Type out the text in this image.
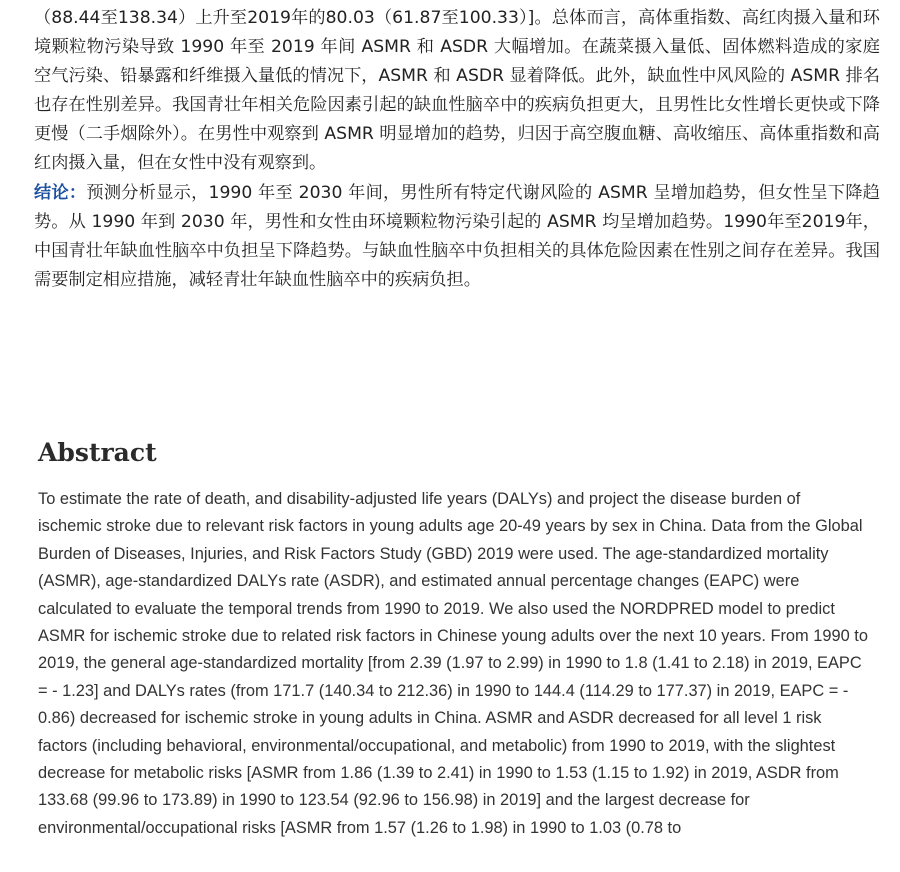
（88.44至138.34）上升至2019年的80.03（61.87至100.33）]。总体而言，高体重指数、高红肉摄入量和环境颗粒物污染导致 1990 年至 2019 年间 ASMR 和 ASDR 大幅增加。在蔬菜摄入量低、固体燃料造成的家庭空气污染、铅暴露和纤维摄入量低的情况下，ASMR 和 ASDR 显着降低。此外，缺血性中风风险的 ASMR 排名也存在性别差异。我国青壮年相关危险因素引起的缺血性脑卒中的疾病负担更大，且男性比女性增长更快或下降更慢（二手烟除外）。在男性中观察到 ASMR 明显增加的趋势，归因于高空腹血糖、高收缩压、高体重指数和高红肉摄入量，但在女性中没有观察到。

结论：预测分析显示，1990 年至 2030 年间，男性所有特定代谢风险的 ASMR 呈增加趋势，但女性呈下降趋势。从 1990 年到 2030 年，男性和女性由环境颗粒物污染引起的 ASMR 均呈增加趋势。1990年至2019年，中国青壮年缺血性脑卒中负担呈下降趋势。与缺血性脑卒中负担相关的具体危险因素在性别之间存在差异。我国需要制定相应措施，减轻青壮年缺血性脑卒中的疾病负担。

Abstract

To estimate the rate of death, and disability-adjusted life years (DALYs) and project the disease burden of ischemic stroke due to relevant risk factors in young adults age 20-49 years by sex in China. Data from the Global Burden of Diseases, Injuries, and Risk Factors Study (GBD) 2019 were used. The age-standardized mortality (ASMR), age-standardized DALYs rate (ASDR), and estimated annual percentage changes (EAPC) were calculated to evaluate the temporal trends from 1990 to 2019. We also used the NORDPRED model to predict ASMR for ischemic stroke due to related risk factors in Chinese young adults over the next 10 years. From 1990 to 2019, the general age-standardized mortality [from 2.39 (1.97 to 2.99) in 1990 to 1.8 (1.41 to 2.18) in 2019, EAPC = - 1.23] and DALYs rates (from 171.7 (140.34 to 212.36) in 1990 to 144.4 (114.29 to 177.37) in 2019, EAPC = - 0.86) decreased for ischemic stroke in young adults in China. ASMR and ASDR decreased for all level 1 risk factors (including behavioral, environmental/occupational, and metabolic) from 1990 to 2019, with the slightest decrease for metabolic risks [ASMR from 1.86 (1.39 to 2.41) in 1990 to 1.53 (1.15 to 1.92) in 2019, ASDR from 133.68 (99.96 to 173.89) in 1990 to 123.54 (92.96 to 156.98) in 2019] and the largest decrease for environmental/occupational risks [ASMR from 1.57 (1.26 to 1.98) in 1990 to 1.03 (0.78 to
